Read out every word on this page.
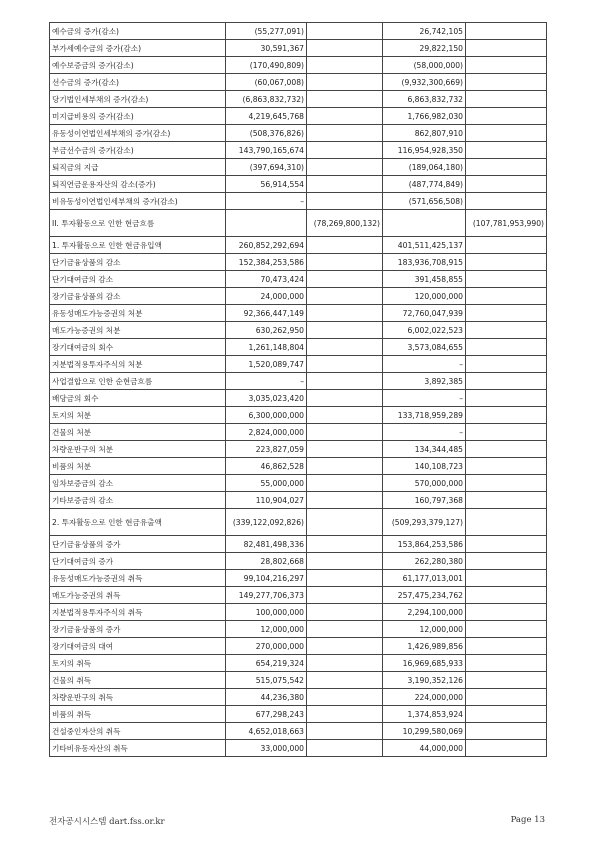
예수금의 증가(감소)	(55,277,091)		26,742,105	
부가세예수금의 증가(감소)	30,591,367		29,822,150	
예수보증금의 증가(감소)	(170,490,809)		(58,000,000)	
선수금의 증가(감소)	(60,067,008)		(9,932,300,669)	
당기법인세부채의 증가(감소)	(6,863,832,732)		6,863,832,732	
미지급비용의 증가(감소)	4,219,645,768		1,766,982,030	
유동성이연법인세부채의 증가(감소)	(508,376,826)		862,807,910	
부금선수금의 증가(감소)	143,790,165,674		116,954,928,350	
퇴직금의 지급	(397,694,310)		(189,064,180)	
퇴직연금운용자산의 감소(증가)	56,914,554		(487,774,849)	
비유동성이연법인세부채의 증가(감소)	–		(571,656,508)	
II. 투자활동으로 인한 현금흐름		(78,269,800,132)		(107,781,953,990)
1. 투자활동으로 인한 현금유입액	260,852,292,694		401,511,425,137	
단기금융상품의 감소	152,384,253,586		183,936,708,915	
단기대여금의 감소	70,473,424		391,458,855	
장기금융상품의 감소	24,000,000		120,000,000	
유동성매도가능증권의 처분	92,366,447,149		72,760,047,939	
매도가능증권의 처분	630,262,950		6,002,022,523	
장기대여금의 회수	1,261,148,804		3,573,084,655	
지분법적용투자주식의 처분	1,520,089,747		–	
사업결합으로 인한 순현금흐름	–		3,892,385	
배당금의 회수	3,035,023,420		–	
토지의 처분	6,300,000,000		133,718,959,289	
건물의 처분	2,824,000,000		–	
차량운반구의 처분	223,827,059		134,344,485	
비품의 처분	46,862,528		140,108,723	
임차보증금의 감소	55,000,000		570,000,000	
기타보증금의 감소	110,904,027		160,797,368	
2. 투자활동으로 인한 현금유출액	(339,122,092,826)		(509,293,379,127)	
단기금융상품의 증가	82,481,498,336		153,864,253,586	
단기대여금의 증가	28,802,668		262,280,380	
유동성매도가능증권의 취득	99,104,216,297		61,177,013,001	
매도가능증권의 취득	149,277,706,373		257,475,234,762	
지분법적용투자주식의 취득	100,000,000		2,294,100,000	
장기금융상품의 증가	12,000,000		12,000,000	
장기대여금의 대여	270,000,000		1,426,989,856	
토지의 취득	654,219,324		16,969,685,933	
건물의 취득	515,075,542		3,190,352,126	
차량운반구의 취득	44,236,380		224,000,000	
비품의 취득	677,298,243		1,374,853,924	
건설중인자산의 취득	4,652,018,663		10,299,580,069	
기타비유동자산의 취득	33,000,000		44,000,000	
전자공시시스템 dart.fss.or.kr	Page 13
